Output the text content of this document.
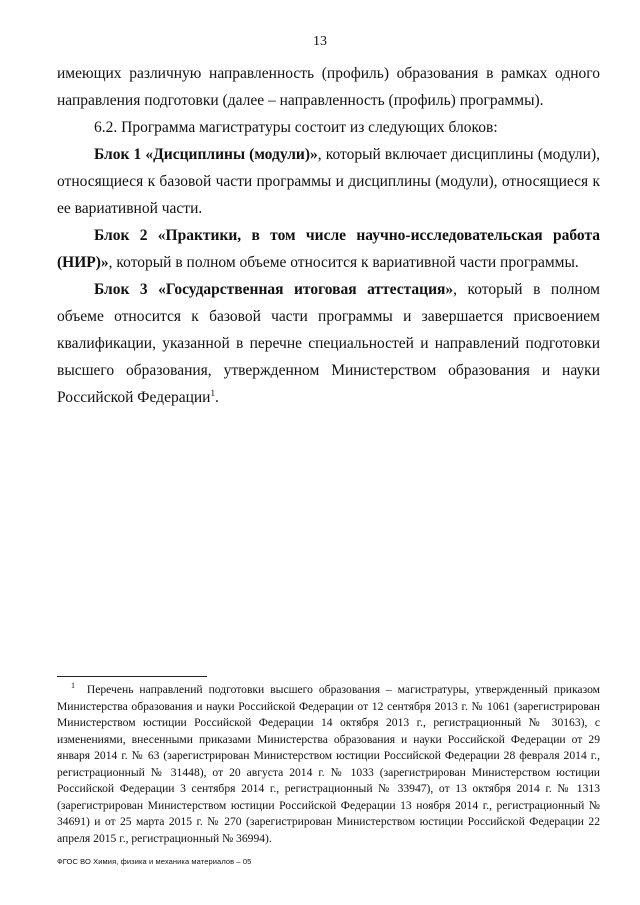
13

имеющих различную направленность (профиль) образования в рамках одного направления подготовки (далее – направленность (профиль) программы).

6.2. Программа магистратуры состоит из следующих блоков:

Блок 1 «Дисциплины (модули)», который включает дисциплины (модули), относящиеся к базовой части программы и дисциплины (модули), относящиеся к ее вариативной части.

Блок 2 «Практики, в том числе научно-исследовательская работа (НИР)», который в полном объеме относится к вариативной части программы.

Блок 3 «Государственная итоговая аттестация», который в полном объеме относится к базовой части программы и завершается присвоением квалификации, указанной в перечне специальностей и направлений подготовки высшего образования, утвержденном Министерством образования и науки Российской Федерации$^1$.

$^1$ Перечень направлений подготовки высшего образования – магистратуры, утвержденный приказом Министерства образования и науки Российской Федерации от 12 сентября 2013 г. № 1061 (зарегистрирован Министерством юстиции Российской Федерации 14 октября 2013 г., регистрационный № 30163), с изменениями, внесенными приказами Министерства образования и науки Российской Федерации от 29 января 2014 г. № 63 (зарегистрирован Министерством юстиции Российской Федерации 28 февраля 2014 г., регистрационный № 31448), от 20 августа 2014 г. № 1033 (зарегистрирован Министерством юстиции Российской Федерации 3 сентября 2014 г., регистрационный № 33947), от 13 октября 2014 г. № 1313 (зарегистрирован Министерством юстиции Российской Федерации 13 ноября 2014 г., регистрационный № 34691) и от 25 марта 2015 г. № 270 (зарегистрирован Министерством юстиции Российской Федерации 22 апреля 2015 г., регистрационный № 36994).
ФГОС ВО Химия, физика и механика материалов – 05
